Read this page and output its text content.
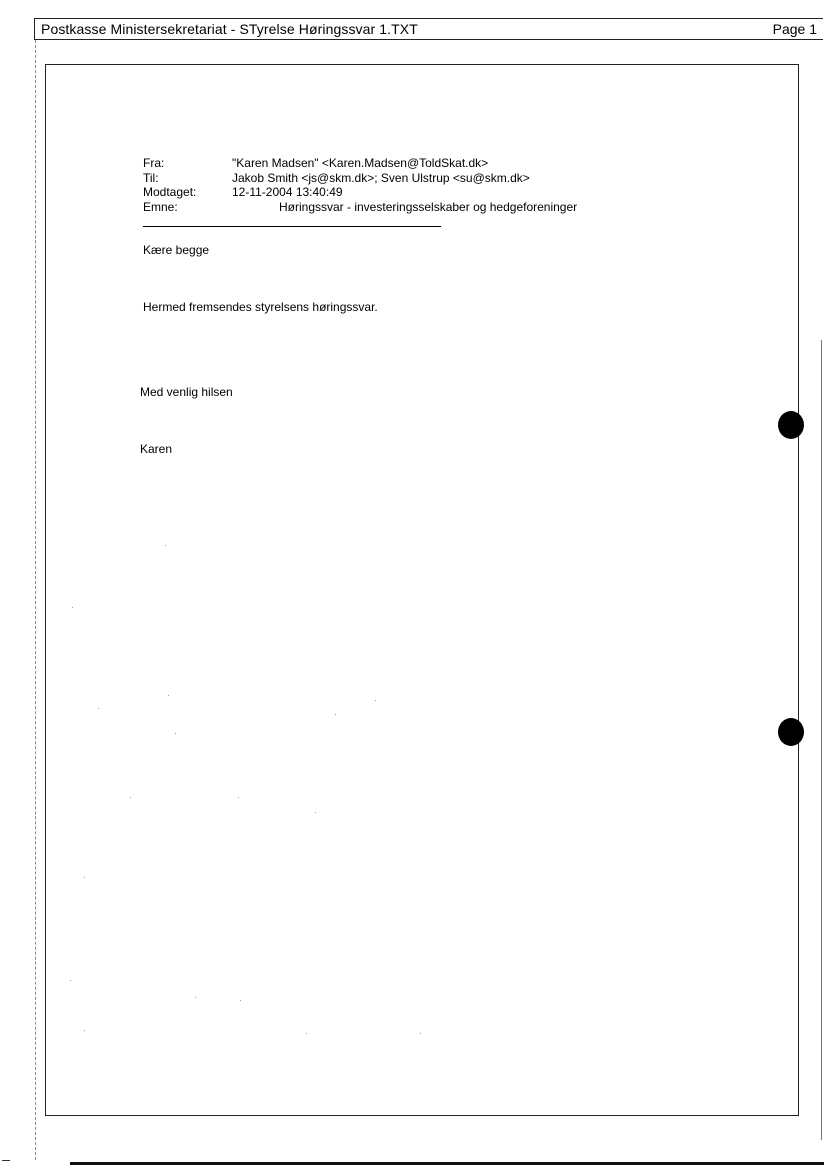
Postkasse Ministersekretariat - STyrelse Høringssvar 1.TXT	Page 1
Fra:	"Karen Madsen" <Karen.Madsen@ToldSkat.dk>
Til:	Jakob Smith <js@skm.dk>; Sven Ulstrup <su@skm.dk>
Modtaget:	12-11-2004 13:40:49
Emne:	Høringssvar - investeringsselskaber og hedgeforeninger
Kære begge
Hermed fremsendes styrelsens høringssvar.
Med venlig hilsen
Karen
